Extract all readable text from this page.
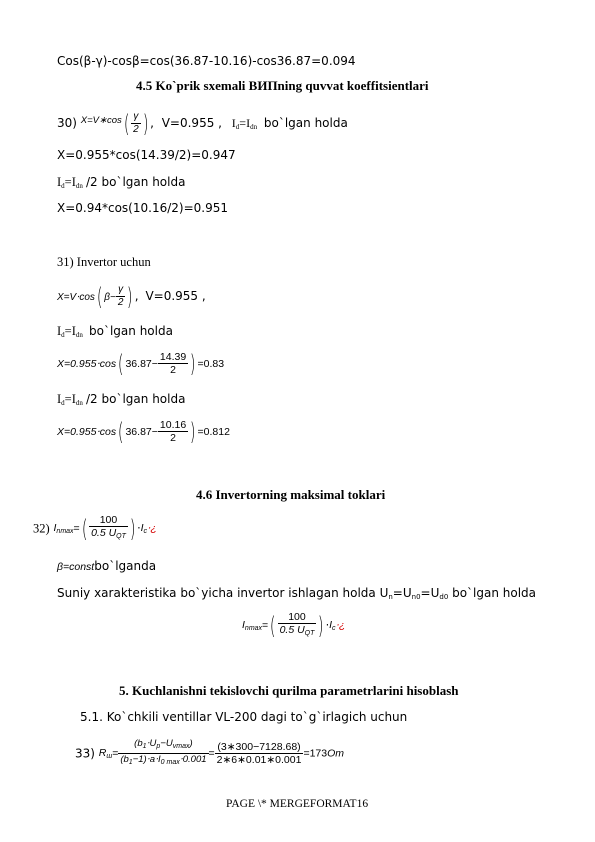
Cos(β-γ)-cosβ=cos(36.87-10.16)-cos36.87=0.094
4.5 Ko`prik sxemali ВИПning quvvat koeffitsientlari
30) $^{X=V∗cos}( \frac{\gamma}{2}$ ) , V=0.955 , $I_d=I_{dn}$ bo`lgan holda
X=0.955*cos(14.39/2)=0.947
$I_d=I_{dn}$ /2 bo`lgan holda
X=0.94*cos(10.16/2)=0.951
31) Invertor uchun
X=V⋅cos( $\beta- \frac{\gamma}{2}$ ) , V=0.955 ,
$I_d=I_{dn}$ bo`lgan holda
X=0.955⋅cos( $36.87- \frac{14.39}{2}$ ) =0.83
$I_d=I_{dn}$ /2 bo`lgan holda
X=0.955⋅cos( $36.87- \frac{10.16}{2}$ ) =0.812
4.6 Invertorning maksimal toklari
32) $I_{nmax}=( \frac{100}{0.5 U_{QT}}$ ) $\cdot I_c\cdot¿$
β=constbo`lganda
Suniy xarakteristika bo`yicha invertor ishlagan holda $U_n=U_{n0}=U_{d0}$ bo`lgan holda
$I_{nmax}=( \frac{100}{0.5 U_{QT}}$ ) $\cdot I_c\cdot¿$
5. Kuchlanishni tekislovchi qurilma parametrlarini hisoblash
5.1. Ko`chkili ventillar VL-200 dagi to`g`irlagich uchun
33) $R_ш= \frac{(b_1\cdot U_p-U_{vmax})}{(b_1-1)\cdot a\cdot I_{0 max}\cdot 0.001} = \frac{(3∗300-7128.68)}{2∗6∗0.01∗0.001} =173Om$
PAGE \* MERGEFORMAT16
